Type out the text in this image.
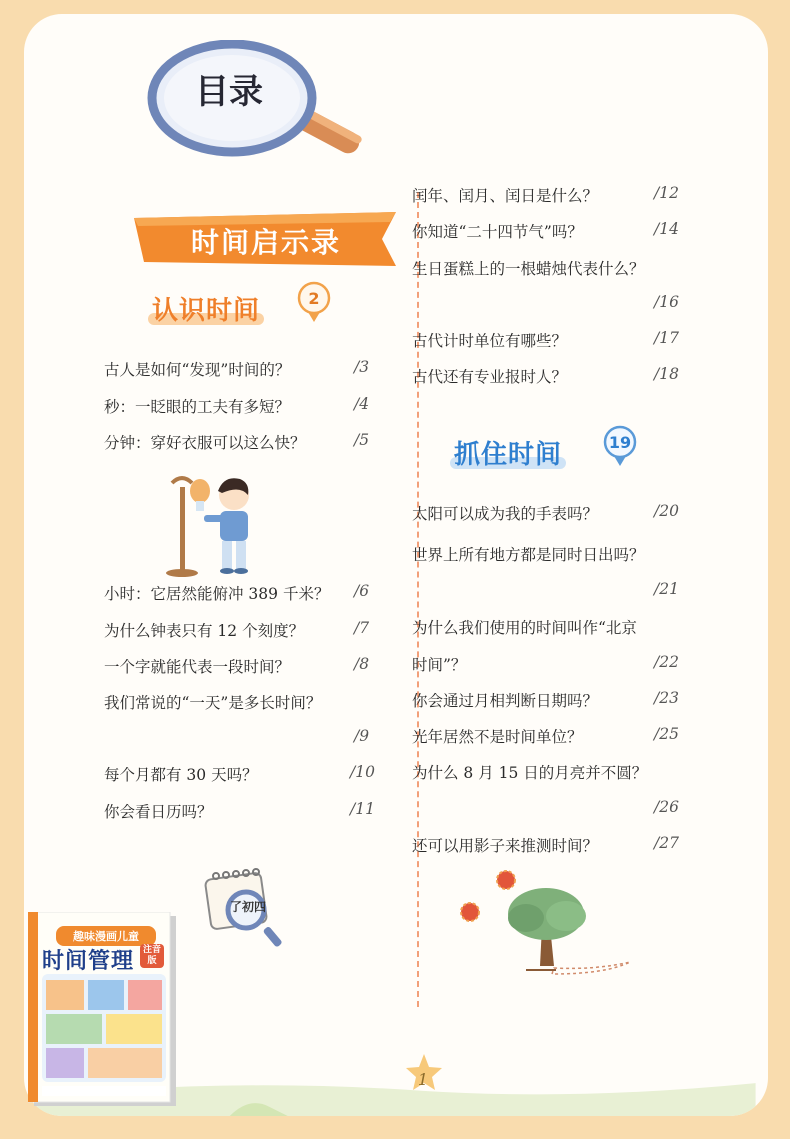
目录
时间启示录
认识时间	2
古人是如何“发现”时间的？	/3
秒：一眨眼的工夫有多短？	/4
分钟：穿好衣服可以这么快？	/5
小时：它居然能俯冲 389 千米？ /6
为什么钟表只有 12 个刻度？	/7
一个字就能代表一段时间？	/8
我们常说的“一天”是多长时间？
/9
每个月都有 30 天吗？	/10
你会看日历吗？	/11
了初四
闰年、闰月、闰日是什么？	/12
你知道“二十四节气”吗？	/14
生日蛋糕上的一根蜡烛代表什么？
/16
古代计时单位有哪些？	/17
古代还有专业报时人？	/18
抓住时间	19
太阳可以成为我的手表吗？	/20
世界上所有地方都是同时日出吗？
/21
为什么我们使用的时间叫作“北京
时间”？	/22
你会通过月相判断日期吗？	/23
光年居然不是时间单位？	/25
为什么 8 月 15 日的月亮并不圆？
/26
还可以用影子来推测时间？	/27
1
趣味漫画儿童
时间管理 注音版
